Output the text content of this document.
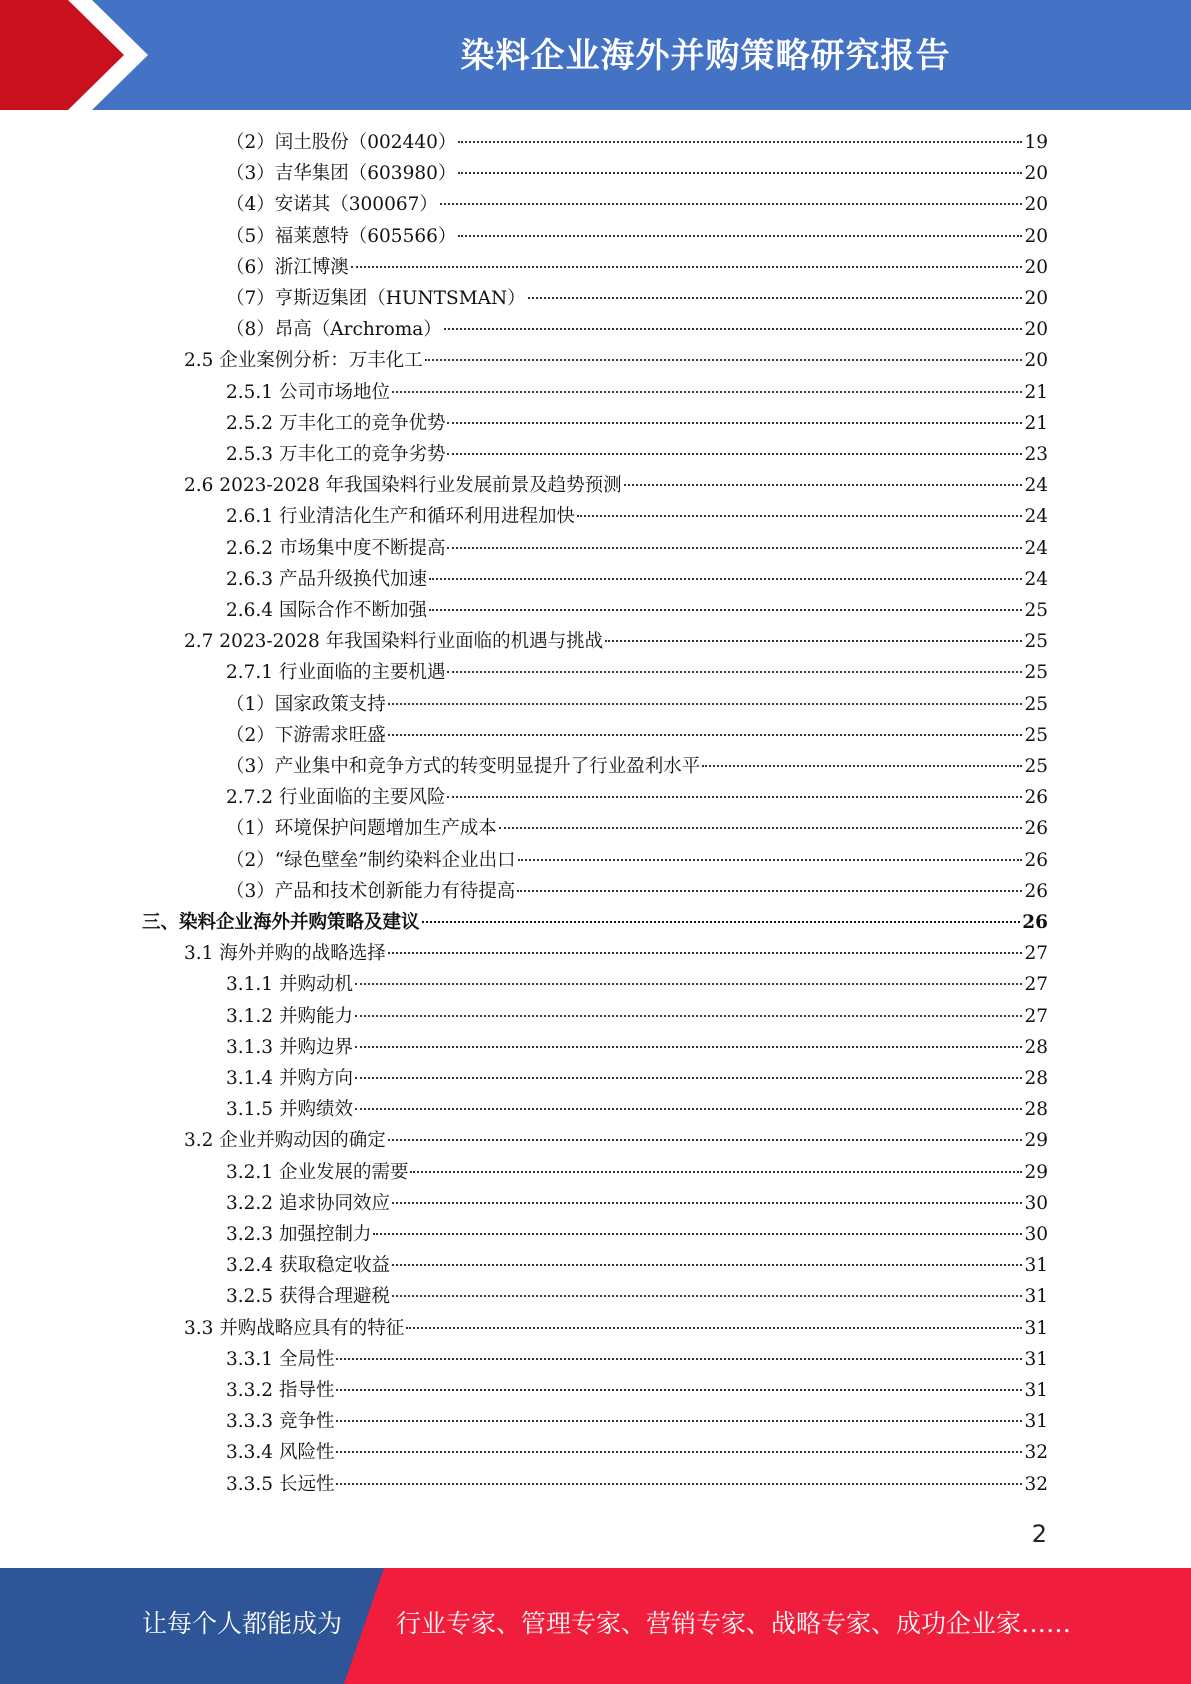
染料企业海外并购策略研究报告
（2）闰土股份（002440）	19
（3）吉华集团（603980）	20
（4）安诺其（300067）	20
（5）福莱蒽特（605566）	20
（6）浙江博澳	20
（7）亨斯迈集团（HUNTSMAN）	20
（8）昂高（Archroma）	20
2.5 企业案例分析：万丰化工	20
2.5.1 公司市场地位	21
2.5.2 万丰化工的竞争优势	21
2.5.3 万丰化工的竞争劣势	23
2.6 2023-2028 年我国染料行业发展前景及趋势预测	24
2.6.1 行业清洁化生产和循环利用进程加快	24
2.6.2 市场集中度不断提高	24
2.6.3 产品升级换代加速	24
2.6.4 国际合作不断加强	25
2.7 2023-2028 年我国染料行业面临的机遇与挑战	25
2.7.1 行业面临的主要机遇	25
（1）国家政策支持	25
（2）下游需求旺盛	25
（3）产业集中和竞争方式的转变明显提升了行业盈利水平	25
2.7.2 行业面临的主要风险	26
（1）环境保护问题增加生产成本	26
（2）“绿色壁垒”制约染料企业出口	26
（3）产品和技术创新能力有待提高	26
三、染料企业海外并购策略及建议	26
3.1 海外并购的战略选择	27
3.1.1 并购动机	27
3.1.2 并购能力	27
3.1.3 并购边界	28
3.1.4 并购方向	28
3.1.5 并购绩效	28
3.2 企业并购动因的确定	29
3.2.1 企业发展的需要	29
3.2.2 追求协同效应	30
3.2.3 加强控制力	30
3.2.4 获取稳定收益	31
3.2.5 获得合理避税	31
3.3 并购战略应具有的特征	31
3.3.1 全局性	31
3.3.2 指导性	31
3.3.3 竞争性	31
3.3.4 风险性	32
3.3.5 长远性	32
2
让每个人都能成为 行业专家、管理专家、营销专家、战略专家、成功企业家……
